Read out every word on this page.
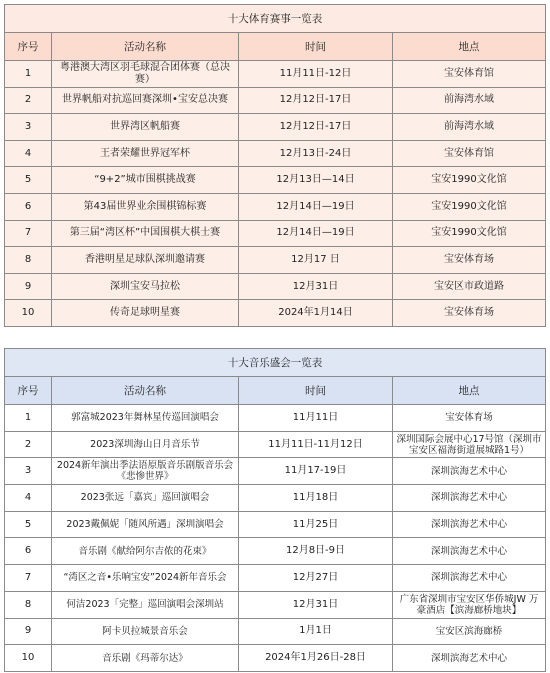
十大体育赛事一览表			
序号	活动名称	时间	地点
1	粤港澳大湾区羽毛球混合团体赛（总决赛）	11月11日-12日	宝安体育馆
2	世界帆船对抗巡回赛深圳•宝安总决赛	12月12日-17日	前海湾水域
3	世界湾区帆船赛	12月12日-17日	前海湾水域
4	王者荣耀世界冠军杯	12月13日-24日	宝安体育馆
5	“9+2”城市围棋挑战赛	12月13日—14日	宝安1990文化馆
6	第43届世界业余围棋锦标赛	12月14日—19日	宝安1990文化馆
7	第三届“湾区杯”中国围棋大棋士赛	12月14日—19日	宝安1990文化馆
8	香港明星足球队深圳邀请赛	12月17 日	宝安体育场
9	深圳宝安马拉松	12月31日	宝安区市政道路
10	传奇足球明星赛	2024年1月14日	宝安体育场
十大音乐盛会一览表			
序号	活动名称	时间	地点
1	郭富城2023年舞林星传巡回演唱会	11月11日	宝安体育场
2	2023深圳海山日月音乐节	11月11日-11月12日	深圳国际会展中心17号馆（深圳市宝安区福海街道展城路1号）
3	2024新年演出季法语原版音乐剧版音乐会《悲惨世界》	11月17-19日	深圳滨海艺术中心
4	2023张远「嘉宾」巡回演唱会	11月18日	深圳滨海艺术中心
5	2023戴佩妮「随风所遇」深圳演唱会	11月25日	深圳滨海艺术中心
6	音乐剧《献给阿尔吉侬的花束》	12月8日-9日	深圳滨海艺术中心
7	“湾区之音•乐响宝安”2024新年音乐会	12月27日	深圳滨海艺术中心
8	何洁2023「完整」巡回演唱会深圳站	12月31日	广东省深圳市宝安区华侨城JW 万豪酒店【滨海廊桥地块】
9	阿卡贝拉城景音乐会	1月1日	宝安区滨海廊桥
10	音乐剧《玛蒂尔达》	2024年1月26日-28日	深圳滨海艺术中心
